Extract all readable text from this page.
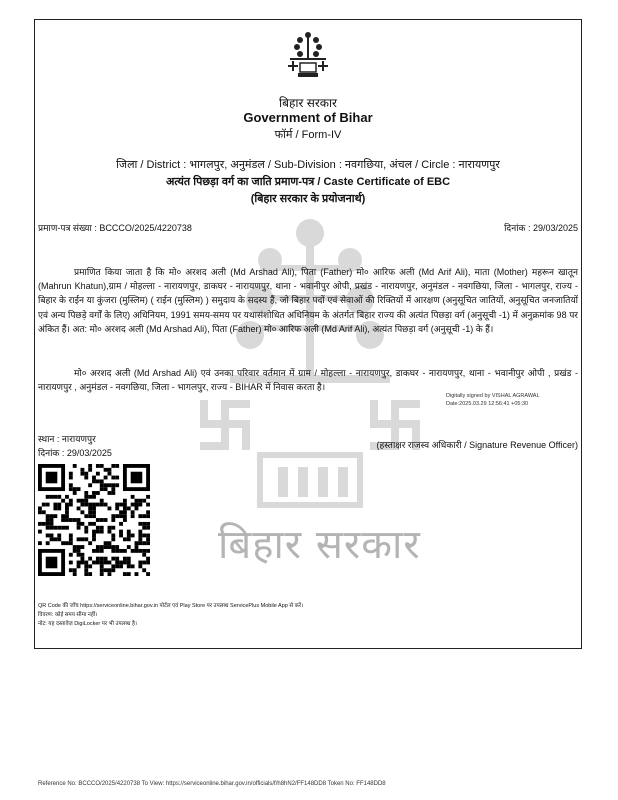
बिहार सरकार
बिहार सरकार
Government of Bihar
फॉर्म / Form-IV
जिला / District : भागलपुर, अनुमंडल / Sub-Division : नवगछिया, अंचल / Circle : नारायणपुर
अत्यंत पिछड़ा वर्ग का जाति प्रमाण-पत्र / Caste Certificate of EBC
(बिहार सरकार के प्रयोजनार्थ)
प्रमाण-पत्र संख्या : BCCCO/2025/4220738	दिनांक : 29/03/2025
प्रमाणित किया जाता है कि मो० अरशद अली (Md Arshad Ali), पिता (Father) मो० आरिफ अली (Md Arif Ali), माता (Mother) महरून खातून (Mahrun Khatun),ग्राम / मोहल्ला - नारायणपुर, डाकघर - नारायणपुर, थाना - भवानीपुर ओपी, प्रखंड - नारायणपुर, अनुमंडल - नवगछिया, जिला - भागलपुर, राज्य - बिहार के राईन या कुंजरा (मुस्लिम) ( राईन (मुस्लिम) ) समुदाय के सदस्य हैं, जो बिहार पदों एवं सेवाओं की रिक्तियों में आरक्षण (अनुसूचित जातियों, अनुसूचित जनजातियों एवं अन्य पिछड़े वर्गों के लिए) अधिनियम, 1991 समय-समय पर यथासंशोधित अधिनियम के अंतर्गत बिहार राज्य की अत्यंत पिछड़ा वर्ग (अनुसूची -1) में अनुक्रमांक 98 पर अंकित हैं। अत: मो० अरशद अली (Md Arshad Ali), पिता (Father) मो० आरिफ अली (Md Arif Ali), अत्यंत पिछड़ा वर्ग (अनुसूची -1) के हैं।
मो० अरशद अली (Md Arshad Ali) एवं उनका परिवार वर्तमान में ग्राम / मोहल्ला - नारायणपुर, डाकघर - नारायणपुर, थाना - भवानीपुर ओपी , प्रखंड - नारायणपुर , अनुमंडल - नवगछिया, जिला - भागलपुर, राज्य - BIHAR में निवास करता है।
Digitally signed by VISHAL AGRAWAL
Date:2025.03.29 12:56:41 +05:30
स्थान : नारायणपुर
दिनांक : 29/03/2025
(हस्ताक्षर राजस्व अधिकारी / Signature Revenue Officer)
QR Code की जाँच https://serviceonline.bihar.gov.in पोर्टल एवं Play Store पर उपलब्ध ServicePlus Mobile App से करें।
विवरण: कोई समय सीमा नहीं।
नोट: यह दस्तावेज़ DigiLocker पर भी उपलब्ध है।
Reference No: BCCCO/2025/4220738 To View: https://serviceonline.bihar.gov.in/officials/f/h8hN2/FF148DD8 Token No: FF148DD8
